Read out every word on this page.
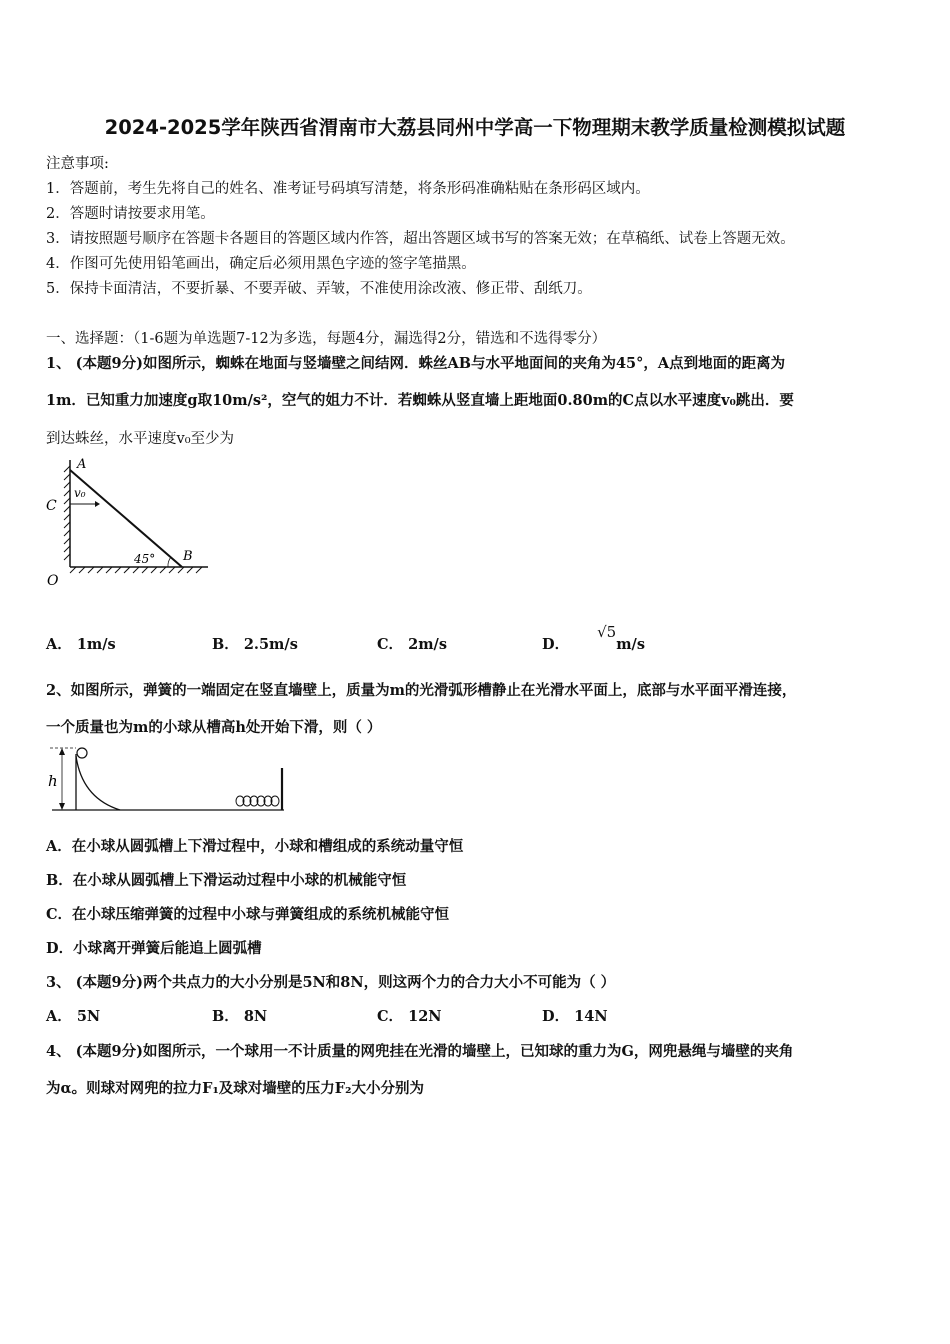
2024-2025学年陕西省渭南市大荔县同州中学高一下物理期末教学质量检测模拟试题
注意事项:
1．答题前，考生先将自己的姓名、准考证号码填写清楚，将条形码准确粘贴在条形码区域内。
2．答题时请按要求用笔。
3．请按照题号顺序在答题卡各题目的答题区域内作答，超出答题区域书写的答案无效；在草稿纸、试卷上答题无效。
4．作图可先使用铅笔画出，确定后必须用黑色字迹的签字笔描黑。
5．保持卡面清洁，不要折暴、不要弄破、弄皱，不准使用涂改液、修正带、刮纸刀。
一、选择题：（1-6题为单选题7-12为多选，每题4分，漏选得2分，错选和不选得零分）
1、 (本题9分)如图所示，蜘蛛在地面与竖墙壁之间结网．蛛丝AB与水平地面间的夹角为45°，A点到地面的距离为
1m．已知重力加速度g取10m/s²，空气的姐力不计．若蜘蛛从竖直墙上距地面0.80m的C点以水平速度v₀跳出．要
到达蛛丝，水平速度v₀至少为
A
C
O
B
v₀
45°
A． 1m/s	B． 2.5m/s	C． 2m/s	D．√5m/s
2、如图所示，弹簧的一端固定在竖直墙壁上，质量为m的光滑弧形槽静止在光滑水平面上，底部与水平面平滑连接，
一个质量也为m的小球从槽高h处开始下滑，则（ ）
h
A．在小球从圆弧槽上下滑过程中，小球和槽组成的系统动量守恒
B．在小球从圆弧槽上下滑运动过程中小球的机械能守恒
C．在小球压缩弹簧的过程中小球与弹簧组成的系统机械能守恒
D．小球离开弹簧后能追上圆弧槽
3、 (本题9分)两个共点力的大小分别是5N和8N，则这两个力的合力大小不可能为（ ）
A． 5N	B． 8N	C． 12N	D． 14N
4、 (本题9分)如图所示，一个球用一不计质量的网兜挂在光滑的墙壁上，已知球的重力为G，网兜悬绳与墙壁的夹角
为α。则球对网兜的拉力F₁及球对墙壁的压力F₂大小分别为
